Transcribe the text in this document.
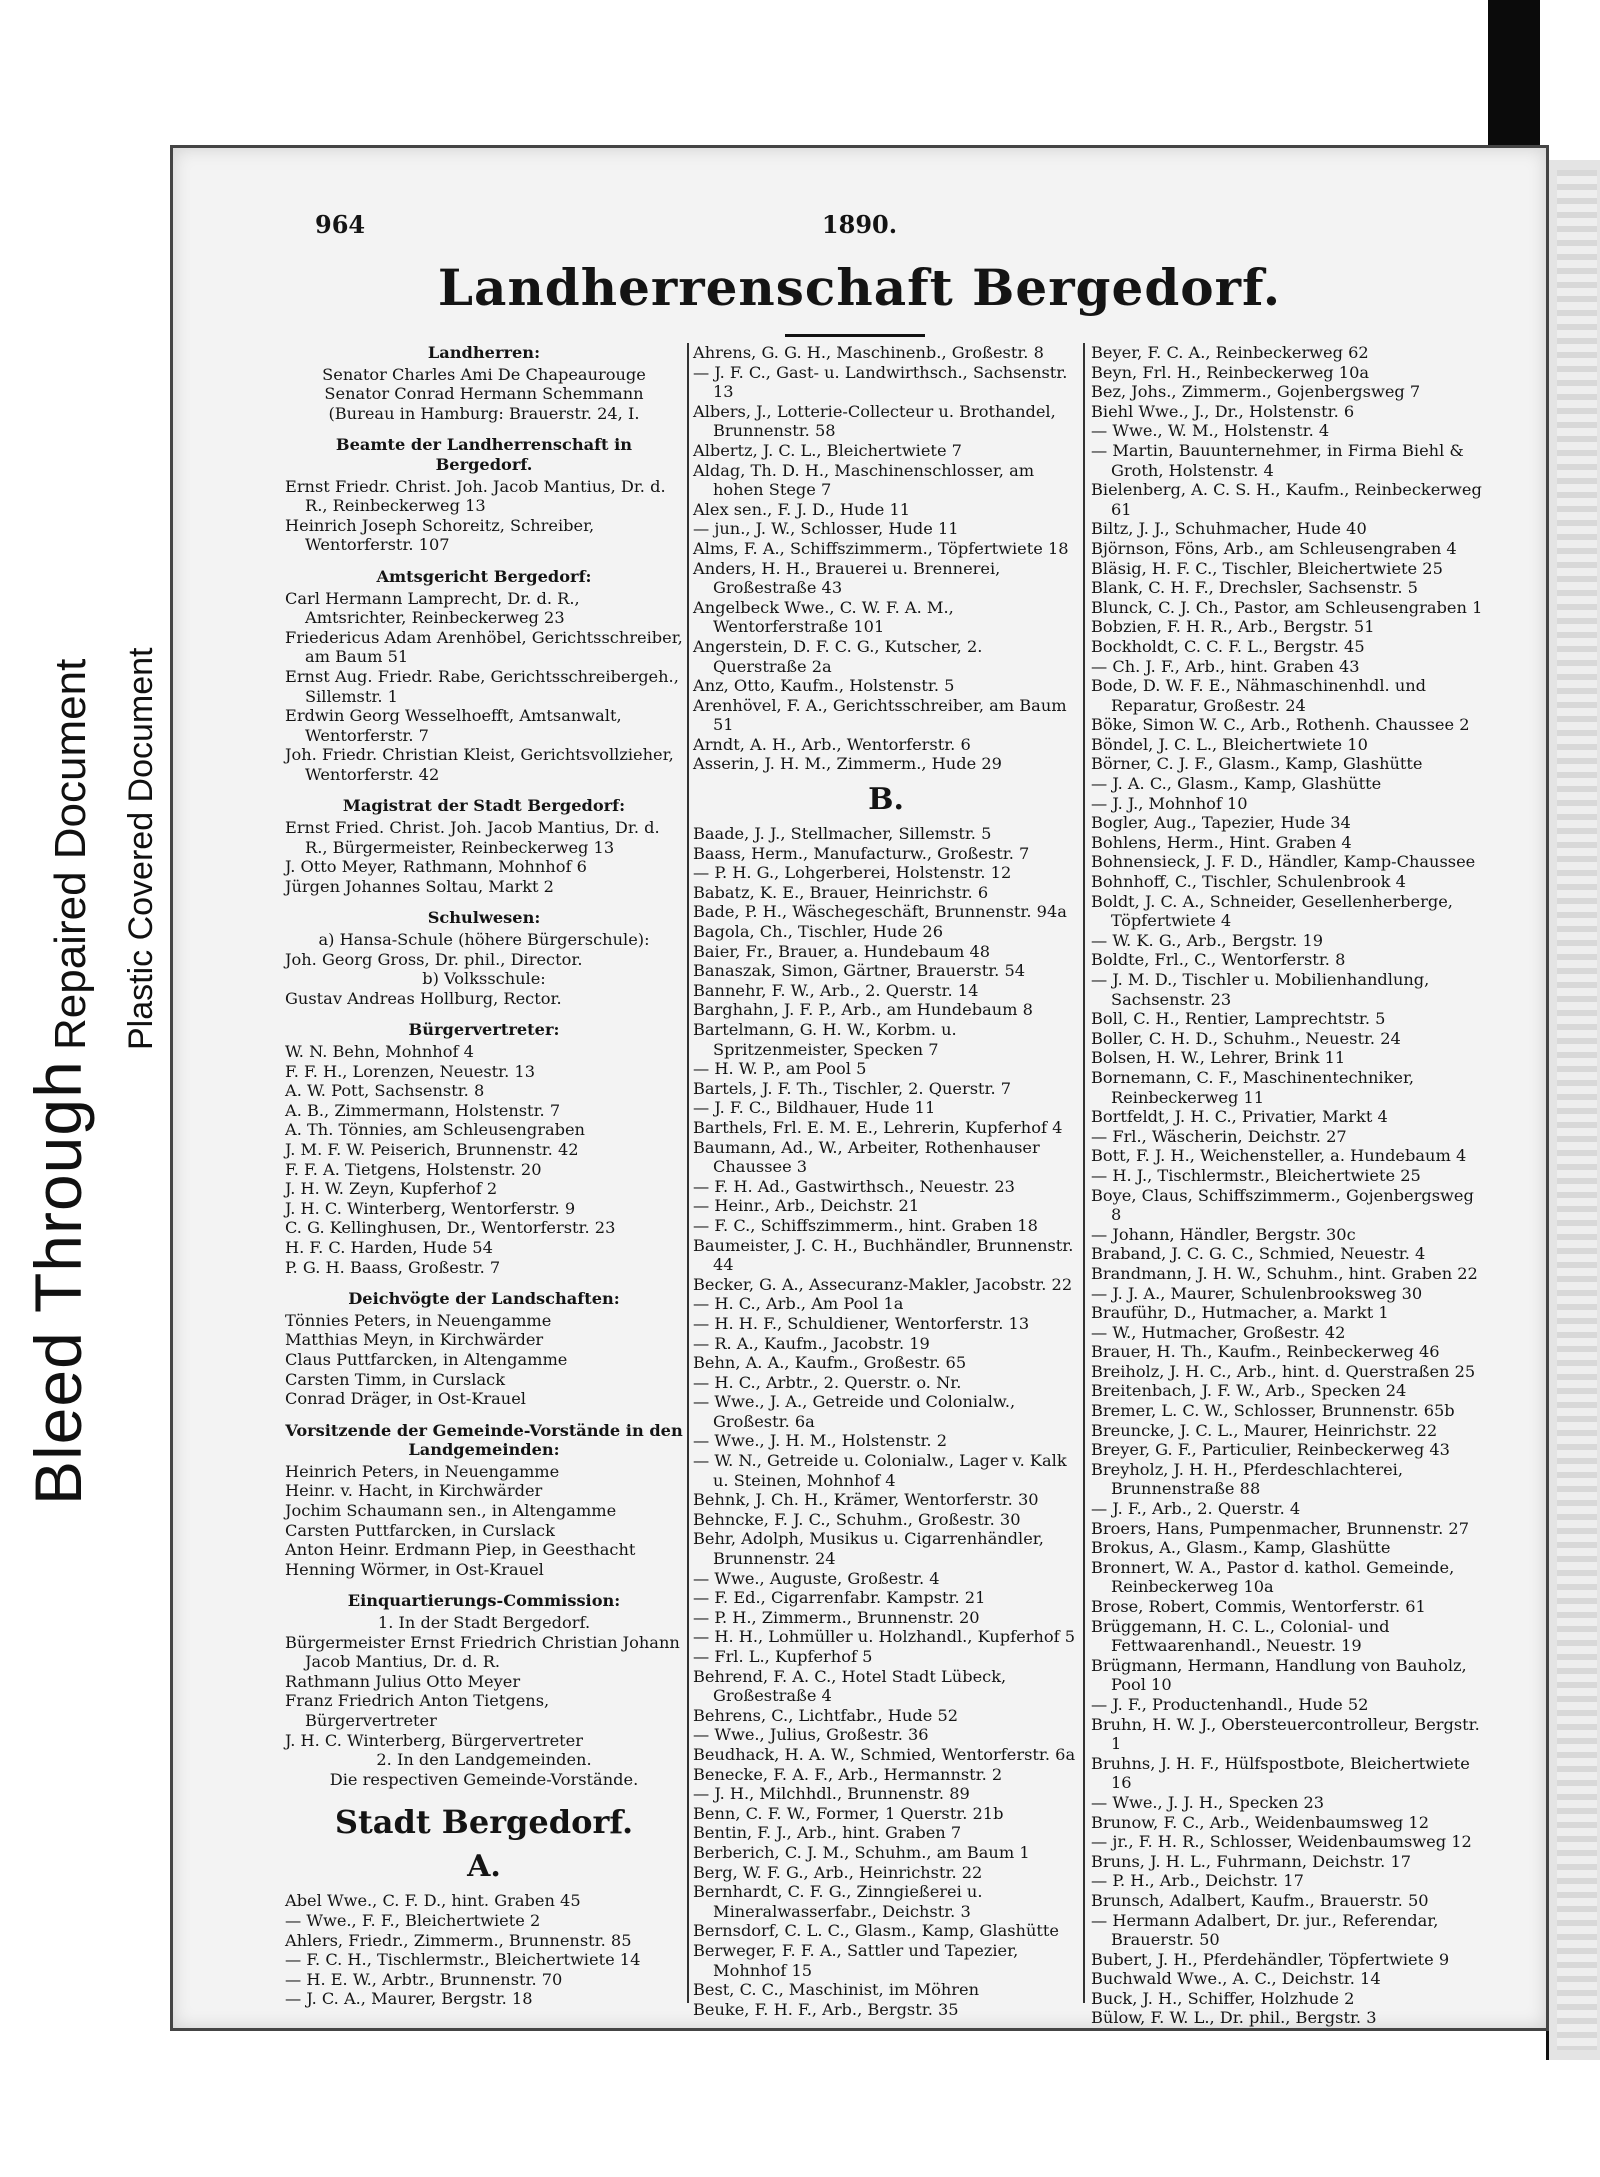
Bleed Through
Repaired Document Plastic Covered Document
964	1890.
Landherrenschaft Bergedorf.
Landherren:
Senator Charles Ami De Chapeaurouge
Senator Conrad Hermann Schemmann
(Bureau in Hamburg: Brauerstr. 24, I.
Beamte der Landherrenschaft in Bergedorf.
Ernst Friedr. Christ. Joh. Jacob Mantius, Dr. d. R., Reinbeckerweg 13
Heinrich Joseph Schoreitz, Schreiber, Wentorferstr. 107
Amtsgericht Bergedorf:
Carl Hermann Lamprecht, Dr. d. R., Amtsrichter, Reinbeckerweg 23
Friedericus Adam Arenhöbel, Gerichtsschreiber, am Baum 51
Ernst Aug. Friedr. Rabe, Gerichtsschreibergeh., Sillemstr. 1
Erdwin Georg Wesselhoefft, Amtsanwalt, Wentorferstr. 7
Joh. Friedr. Christian Kleist, Gerichtsvollzieher, Wentorferstr. 42
Magistrat der Stadt Bergedorf:
Ernst Fried. Christ. Joh. Jacob Mantius, Dr. d. R., Bürgermeister, Reinbeckerweg 13
J. Otto Meyer, Rathmann, Mohnhof 6
Jürgen Johannes Soltau, Markt 2
Schulwesen:
a) Hansa-Schule (höhere Bürgerschule):
Joh. Georg Gross, Dr. phil., Director.
b) Volksschule:
Gustav Andreas Hollburg, Rector.
Bürgervertreter:
W. N. Behn, Mohnhof 4
F. F. H., Lorenzen, Neuestr. 13
A. W. Pott, Sachsenstr. 8
A. B., Zimmermann, Holstenstr. 7
A. Th. Tönnies, am Schleusengraben
J. M. F. W. Peiserich, Brunnenstr. 42
F. F. A. Tietgens, Holstenstr. 20
J. H. W. Zeyn, Kupferhof 2
J. H. C. Winterberg, Wentorferstr. 9
C. G. Kellinghusen, Dr., Wentorferstr. 23
H. F. C. Harden, Hude 54
P. G. H. Baass, Großestr. 7
Deichvögte der Landschaften:
Tönnies Peters, in Neuengamme
Matthias Meyn, in Kirchwärder
Claus Puttfarcken, in Altengamme
Carsten Timm, in Curslack
Conrad Dräger, in Ost-Krauel
Vorsitzende der Gemeinde-Vorstände in den Landgemeinden:
Heinrich Peters, in Neuengamme
Heinr. v. Hacht, in Kirchwärder
Jochim Schaumann sen., in Altengamme
Carsten Puttfarcken, in Curslack
Anton Heinr. Erdmann Piep, in Geesthacht
Henning Wörmer, in Ost-Krauel
Einquartierungs-Commission:
1. In der Stadt Bergedorf.
Bürgermeister Ernst Friedrich Christian Johann Jacob Mantius, Dr. d. R.
Rathmann Julius Otto Meyer
Franz Friedrich Anton Tietgens, Bürgervertreter
J. H. C. Winterberg, Bürgervertreter
2. In den Landgemeinden.
Die respectiven Gemeinde-Vorstände.
Stadt Bergedorf.
A.
Abel Wwe., C. F. D., hint. Graben 45
— Wwe., F. F., Bleichertwiete 2
Ahlers, Friedr., Zimmerm., Brunnenstr. 85
— F. C. H., Tischlermstr., Bleichertwiete 14
— H. E. W., Arbtr., Brunnenstr. 70
— J. C. A., Maurer, Bergstr. 18
Ahrens, G. G. H., Maschinenb., Großestr. 8
— J. F. C., Gast- u. Landwirthsch., Sachsenstr. 13
Albers, J., Lotterie-Collecteur u. Brothandel, Brunnenstr. 58
Albertz, J. C. L., Bleichertwiete 7
Aldag, Th. D. H., Maschinenschlosser, am hohen Stege 7
Alex sen., F. J. D., Hude 11
— jun., J. W., Schlosser, Hude 11
Alms, F. A., Schiffszimmerm., Töpfertwiete 18
Anders, H. H., Brauerei u. Brennerei, Großestraße 43
Angelbeck Wwe., C. W. F. A. M., Wentorferstraße 101
Angerstein, D. F. C. G., Kutscher, 2. Querstraße 2a
Anz, Otto, Kaufm., Holstenstr. 5
Arenhövel, F. A., Gerichtsschreiber, am Baum 51
Arndt, A. H., Arb., Wentorferstr. 6
Asserin, J. H. M., Zimmerm., Hude 29
B.
Baade, J. J., Stellmacher, Sillemstr. 5
Baass, Herm., Manufacturw., Großestr. 7
— P. H. G., Lohgerberei, Holstenstr. 12
Babatz, K. E., Brauer, Heinrichstr. 6
Bade, P. H., Wäschegeschäft, Brunnenstr. 94a
Bagola, Ch., Tischler, Hude 26
Baier, Fr., Brauer, a. Hundebaum 48
Banaszak, Simon, Gärtner, Brauerstr. 54
Bannehr, F. W., Arb., 2. Querstr. 14
Barghahn, J. F. P., Arb., am Hundebaum 8
Bartelmann, G. H. W., Korbm. u. Spritzenmeister, Specken 7
— H. W. P., am Pool 5
Bartels, J. F. Th., Tischler, 2. Querstr. 7
— J. F. C., Bildhauer, Hude 11
Barthels, Frl. E. M. E., Lehrerin, Kupferhof 4
Baumann, Ad., W., Arbeiter, Rothenhauser Chaussee 3
— F. H. Ad., Gastwirthsch., Neuestr. 23
— Heinr., Arb., Deichstr. 21
— F. C., Schiffszimmerm., hint. Graben 18
Baumeister, J. C. H., Buchhändler, Brunnenstr. 44
Becker, G. A., Assecuranz-Makler, Jacobstr. 22
— H. C., Arb., Am Pool 1a
— H. H. F., Schuldiener, Wentorferstr. 13
— R. A., Kaufm., Jacobstr. 19
Behn, A. A., Kaufm., Großestr. 65
— H. C., Arbtr., 2. Querstr. o. Nr.
— Wwe., J. A., Getreide und Colonialw., Großestr. 6a
— Wwe., J. H. M., Holstenstr. 2
— W. N., Getreide u. Colonialw., Lager v. Kalk u. Steinen, Mohnhof 4
Behnk, J. Ch. H., Krämer, Wentorferstr. 30
Behncke, F. J. C., Schuhm., Großestr. 30
Behr, Adolph, Musikus u. Cigarrenhändler, Brunnenstr. 24
— Wwe., Auguste, Großestr. 4
— F. Ed., Cigarrenfabr. Kampstr. 21
— P. H., Zimmerm., Brunnenstr. 20
— H. H., Lohmüller u. Holzhandl., Kupferhof 5
— Frl. L., Kupferhof 5
Behrend, F. A. C., Hotel Stadt Lübeck, Großestraße 4
Behrens, C., Lichtfabr., Hude 52
— Wwe., Julius, Großestr. 36
Beudhack, H. A. W., Schmied, Wentorferstr. 6a
Benecke, F. A. F., Arb., Hermannstr. 2
— J. H., Milchhdl., Brunnenstr. 89
Benn, C. F. W., Former, 1 Querstr. 21b
Bentin, F. J., Arb., hint. Graben 7
Berberich, C. J. M., Schuhm., am Baum 1
Berg, W. F. G., Arb., Heinrichstr. 22
Bernhardt, C. F. G., Zinngießerei u. Mineralwasserfabr., Deichstr. 3
Bernsdorf, C. L. C., Glasm., Kamp, Glashütte
Berweger, F. F. A., Sattler und Tapezier, Mohnhof 15
Best, C. C., Maschinist, im Möhren
Beuke, F. H. F., Arb., Bergstr. 35
Beyer, F. C. A., Reinbeckerweg 62
Beyn, Frl. H., Reinbeckerweg 10a
Bez, Johs., Zimmerm., Gojenbergsweg 7
Biehl Wwe., J., Dr., Holstenstr. 6
— Wwe., W. M., Holstenstr. 4
— Martin, Bauunternehmer, in Firma Biehl & Groth, Holstenstr. 4
Bielenberg, A. C. S. H., Kaufm., Reinbeckerweg 61
Biltz, J. J., Schuhmacher, Hude 40
Björnson, Föns, Arb., am Schleusengraben 4
Bläsig, H. F. C., Tischler, Bleichertwiete 25
Blank, C. H. F., Drechsler, Sachsenstr. 5
Blunck, C. J. Ch., Pastor, am Schleusengraben 1
Bobzien, F. H. R., Arb., Bergstr. 51
Bockholdt, C. C. F. L., Bergstr. 45
— Ch. J. F., Arb., hint. Graben 43
Bode, D. W. F. E., Nähmaschinenhdl. und Reparatur, Großestr. 24
Böke, Simon W. C., Arb., Rothenh. Chaussee 2
Böndel, J. C. L., Bleichertwiete 10
Börner, C. J. F., Glasm., Kamp, Glashütte
— J. A. C., Glasm., Kamp, Glashütte
— J. J., Mohnhof 10
Bogler, Aug., Tapezier, Hude 34
Bohlens, Herm., Hint. Graben 4
Bohnensieck, J. F. D., Händler, Kamp-Chaussee
Bohnhoff, C., Tischler, Schulenbrook 4
Boldt, J. C. A., Schneider, Gesellenherberge, Töpfertwiete 4
— W. K. G., Arb., Bergstr. 19
Boldte, Frl., C., Wentorferstr. 8
— J. M. D., Tischler u. Mobilienhandlung, Sachsenstr. 23
Boll, C. H., Rentier, Lamprechtstr. 5
Boller, C. H. D., Schuhm., Neuestr. 24
Bolsen, H. W., Lehrer, Brink 11
Bornemann, C. F., Maschinentechniker, Reinbeckerweg 11
Bortfeldt, J. H. C., Privatier, Markt 4
— Frl., Wäscherin, Deichstr. 27
Bott, F. J. H., Weichensteller, a. Hundebaum 4
— H. J., Tischlermstr., Bleichertwiete 25
Boye, Claus, Schiffszimmerm., Gojenbergsweg 8
— Johann, Händler, Bergstr. 30c
Braband, J. C. G. C., Schmied, Neuestr. 4
Brandmann, J. H. W., Schuhm., hint. Graben 22
— J. J. A., Maurer, Schulenbrooksweg 30
Brauführ, D., Hutmacher, a. Markt 1
— W., Hutmacher, Großestr. 42
Brauer, H. Th., Kaufm., Reinbeckerweg 46
Breiholz, J. H. C., Arb., hint. d. Querstraßen 25
Breitenbach, J. F. W., Arb., Specken 24
Bremer, L. C. W., Schlosser, Brunnenstr. 65b
Breuncke, J. C. L., Maurer, Heinrichstr. 22
Breyer, G. F., Particulier, Reinbeckerweg 43
Breyholz, J. H. H., Pferdeschlachterei, Brunnenstraße 88
— J. F., Arb., 2. Querstr. 4
Broers, Hans, Pumpenmacher, Brunnenstr. 27
Brokus, A., Glasm., Kamp, Glashütte
Bronnert, W. A., Pastor d. kathol. Gemeinde, Reinbeckerweg 10a
Brose, Robert, Commis, Wentorferstr. 61
Brüggemann, H. C. L., Colonial- und Fettwaarenhandl., Neuestr. 19
Brügmann, Hermann, Handlung von Bauholz, Pool 10
— J. F., Productenhandl., Hude 52
Bruhn, H. W. J., Obersteuercontrolleur, Bergstr. 1
Bruhns, J. H. F., Hülfspostbote, Bleichertwiete 16
— Wwe., J. J. H., Specken 23
Brunow, F. C., Arb., Weidenbaumsweg 12
— jr., F. H. R., Schlosser, Weidenbaumsweg 12
Bruns, J. H. L., Fuhrmann, Deichstr. 17
— P. H., Arb., Deichstr. 17
Brunsch, Adalbert, Kaufm., Brauerstr. 50
— Hermann Adalbert, Dr. jur., Referendar, Brauerstr. 50
Bubert, J. H., Pferdehändler, Töpfertwiete 9
Buchwald Wwe., A. C., Deichstr. 14
Buck, J. H., Schiffer, Holzhude 2
Bülow, F. W. L., Dr. phil., Bergstr. 3
